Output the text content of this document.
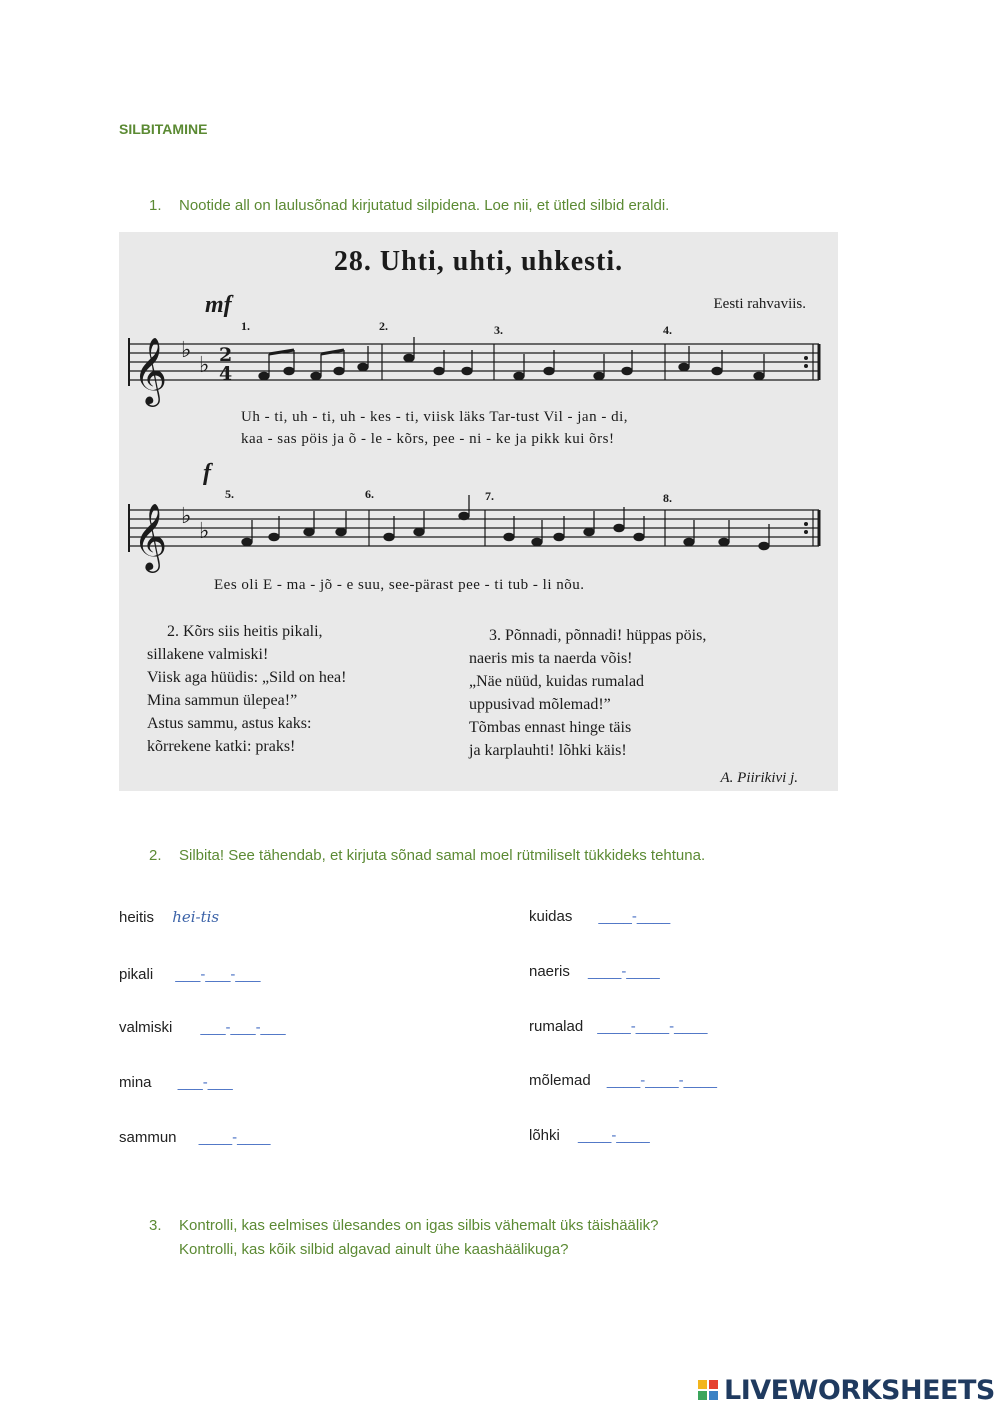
SILBITAMINE
1. Nootide all on laulusõnad kirjutatud silpidena. Loe nii, et ütled silbid eraldi.
28. Uhti, uhti, uhkesti.
mf
f
Eesti rahvaviis.
𝄞
𝄞
♭
♭
♭
♭
2
4
1.	2.	3.	4.
5.	6.	7.	8.
Uh - ti, uh - ti, uh - kes - ti, viisk läks Tar-tust Vil - jan - di,
kaa - sas pöis ja õ - le - kõrs, pee - ni - ke ja pikk kui õrs!
Ees oli E - ma - jõ - e suu, see-pärast pee - ti tub - li nõu.
2. Kõrs siis heitis pikali,
sillakene valmiski!
Viisk aga hüüdis: „Sild on hea!
Mina sammun ülepea!”
Astus sammu, astus kaks:
kõrrekene katki: praks!
3. Põnnadi, põnnadi! hüppas pöis,
naeris mis ta naerda võis!
„Näe nüüd, kuidas rumalad
uppusivad mõlemad!”
Tõmbas ennast hinge täis
ja karplauhti! lõhki käis!
A. Piirikivi j.
2. Silbita! See tähendab, et kirjuta sõnad samal moel rütmiliselt tükkideks tehtuna.
heitis hei-tis
pikali ___-___-___
valmiski ___-___-___
mina ___-___
sammun ____-____
kuidas ____-____
naeris ____-____
rumalad ____-____-____
mõlemad ____-____-____
lõhki ____-____
3. Kontrolli, kas eelmises ülesandes on igas silbis vähemalt üks täishäälik?
Kontrolli, kas kõik silbid algavad ainult ühe kaashäälikuga?
LIVEWORKSHEETS
